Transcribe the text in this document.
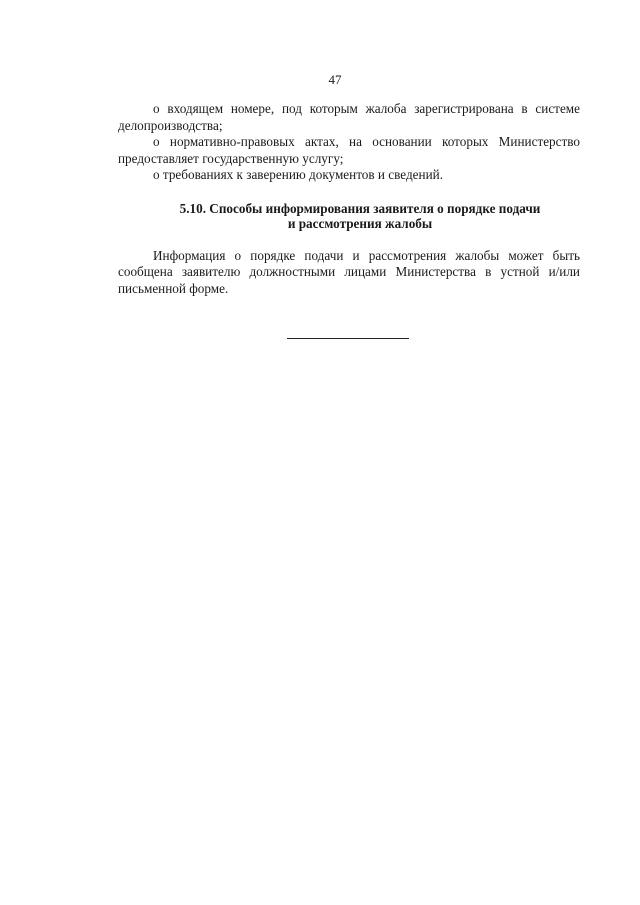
47

о входящем номере, под которым жалоба зарегистрирована в системе делопроизводства;

о нормативно-правовых актах, на основании которых Министерство предоставляет государственную услугу;

о требованиях к заверению документов и сведений.

5.10. Способы информирования заявителя о порядке подачи
и рассмотрения жалобы

Информация о порядке подачи и рассмотрения жалобы может быть сообщена заявителю должностными лицами Министерства в устной и/или письменной форме.
